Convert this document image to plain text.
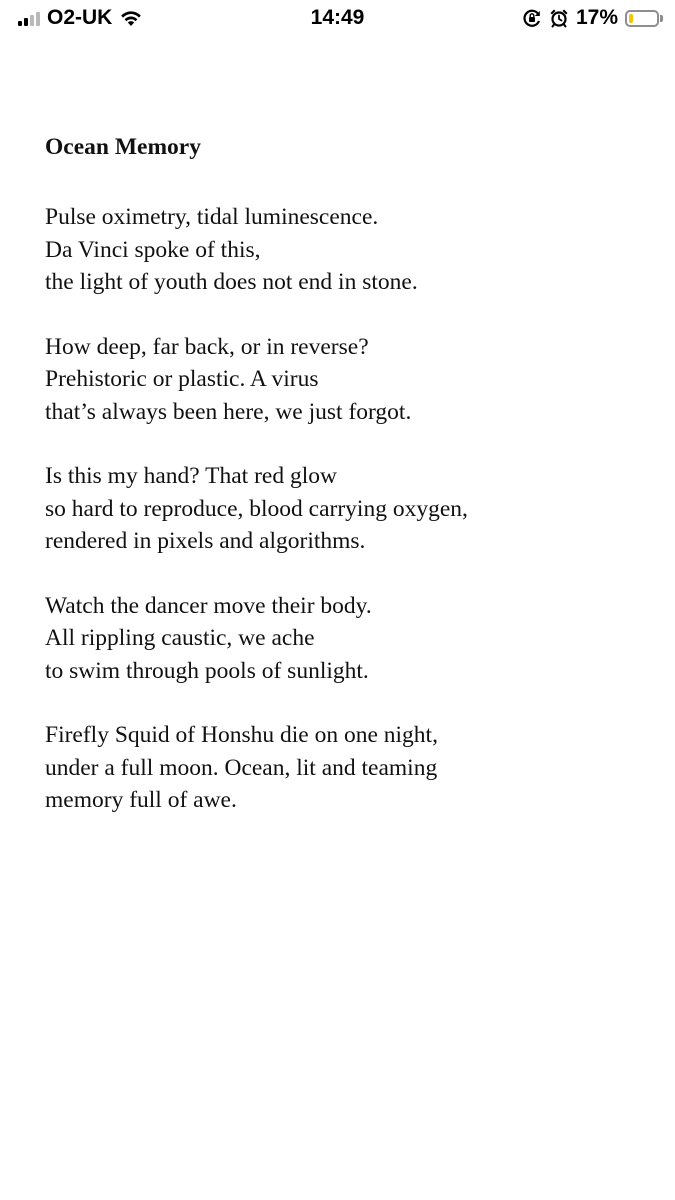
O2-UK	14:49	17%
Ocean Memory
Pulse oximetry, tidal luminescence.
Da Vinci spoke of this,
the light of youth does not end in stone.
How deep, far back, or in reverse?
Prehistoric or plastic. A virus
that’s always been here, we just forgot.
Is this my hand? That red glow
so hard to reproduce, blood carrying oxygen,
rendered in pixels and algorithms.
Watch the dancer move their body.
All rippling caustic, we ache
to swim through pools of sunlight.
Firefly Squid of Honshu die on one night,
under a full moon. Ocean, lit and teaming
memory full of awe.
